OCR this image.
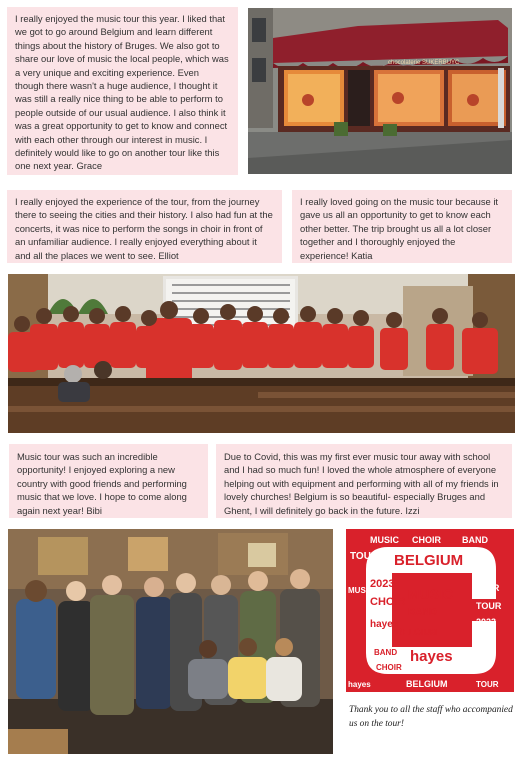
I really enjoyed the music tour this year. I liked that we got to go around Belgium and learn different things about the history of Bruges. We also got to share our love of music the local people, which was a very unique and exciting experience. Even though there wasn't a huge audience, I thought it was still a really nice thing to be able to perform to people outside of our usual audience. I also think it was a great opportunity to get to know and connect with each other through our interest in music. I definitely would like to go on another tour like this one next year. Grace
chocolaterie SUKERBUYC
I really enjoyed the experience of the tour, from the journey there to seeing the cities and their history. I also had fun at the concerts, it was nice to perform the songs in choir in front of an unfamiliar audience. I really enjoyed everything about it and all the places we went to see. Elliot
I really loved going on the music tour because it gave us all an opportunity to get to know each other better. The trip brought us all a lot closer together and I thoroughly enjoyed the experience! Katia
Music tour was such an incredible opportunity! I enjoyed exploring a new country with good friends and performing music that we love. I hope to come along again next year! Bibi
Due to Covid, this was my first ever music tour away with school and I had so much fun! I loved the whole atmosphere of everyone helping out with equipment and performing with all of my friends in lovely churches! Belgium is so beautiful- especially Bruges and Ghent, I will definitely go back in the future. Izzi
MUSIC CHOIR BAND
TOUR BELGIUM
2023
CHOIR MUSIC
BAND
hayes
TOUR
BELGIUM
hayes
BAND
CHOIR
TOUR
2023
MUSIC
BELGIUM
hayes	TOUR
Thank you to all the staff who accompanied us on the tour!
